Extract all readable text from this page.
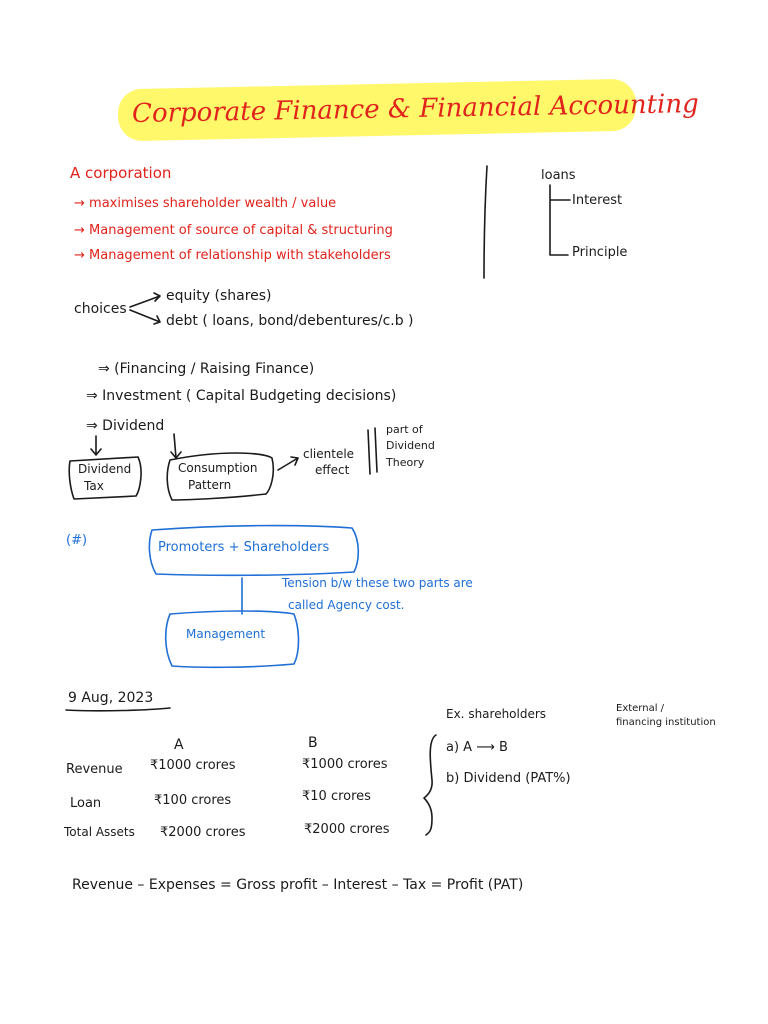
Corporate Finance & Financial Accounting
A corporation
→ maximises shareholder wealth / value
→ Management of source of capital & structuring
→ Management of relationship with stakeholders
loans
Interest
Principle
choices
equity (shares)
debt ( loans, bond/debentures/c.b )
⇒ (Financing / Raising Finance)
⇒ Investment ( Capital Budgeting decisions)
⇒ Dividend
Dividend
Tax
Consumption
Pattern
clientele
effect
part of
Dividend
Theory
(#)	Promoters + Shareholders
Management
Tension b/w these two parts are
called Agency cost.
9 Aug, 2023
A	B
Revenue ₹1000 crores	₹1000 crores
Loan	₹100 crores	₹10 crores
Total Assets ₹2000 crores	₹2000 crores
Ex. shareholders
a) A ⟶ B
b) Dividend (PAT%)
External /
financing institution
Revenue – Expenses = Gross profit – Interest – Tax = Profit (PAT)
